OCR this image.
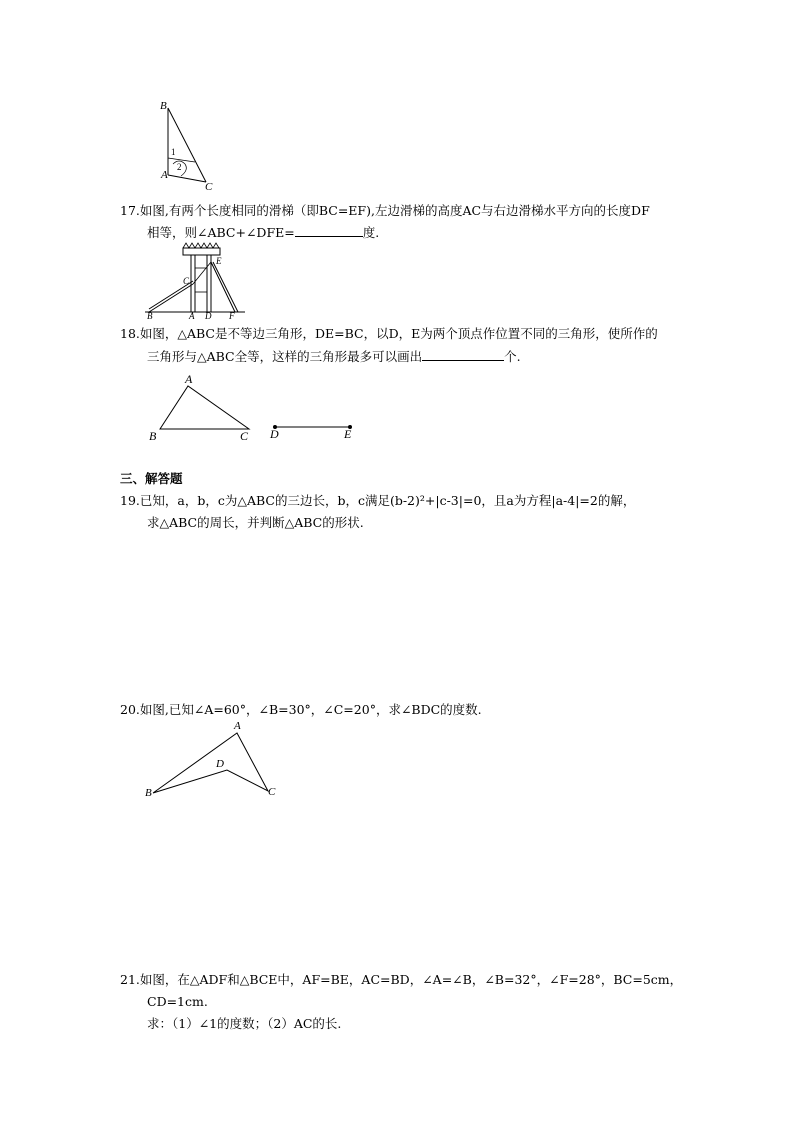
B
A
C
1
2
17.如图,有两个长度相同的滑梯（即BC=EF),左边滑梯的高度AC与右边滑梯水平方向的长度DF
相等，则∠ABC+∠DFE=	度.
E
C
B	A D F
18.如图，△ABC是不等边三角形，DE=BC，以D，E为两个顶点作位置不同的三角形，使所作的
三角形与△ABC全等，这样的三角形最多可以画出	个.
A
B	C D	E
三、解答题
19.已知，a，b，c为△ABC的三边长，b，c满足(b-2)²+|c-3|=0，且a为方程|a-4|=2的解，
求△ABC的周长，并判断△ABC的形状.
20.如图,已知∠A=60°，∠B=30°，∠C=20°，求∠BDC的度数.
A
B	C
D
21.如图，在△ADF和△BCE中，AF=BE，AC=BD，∠A=∠B，∠B=32°，∠F=28°，BC=5cm，
CD=1cm.
求：（1）∠1的度数；（2）AC的长.
